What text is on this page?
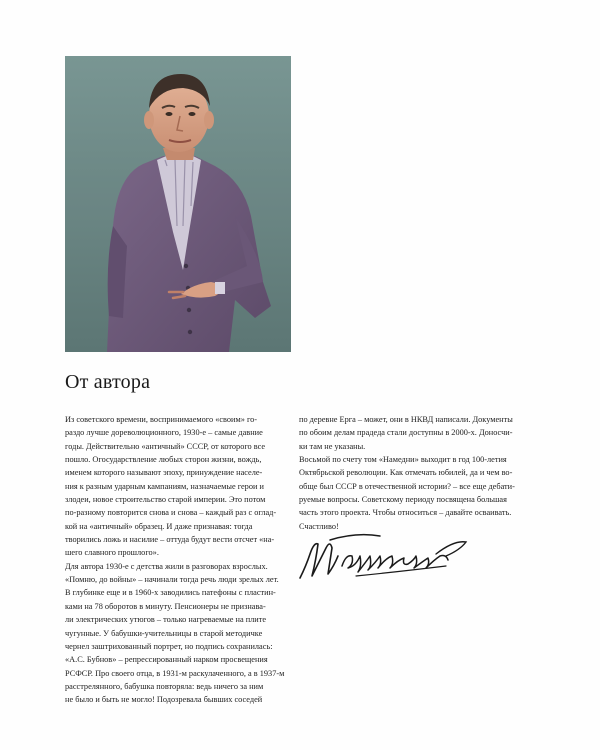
От автора
Из советского времени, воспринимаемого «своим» го-
раздо лучше дореволюционного, 1930-е – самые давние
годы. Действительно «античный» СССР, от которого все
пошло. Огосударствление любых сторон жизни, вождь,
именем которого называют эпоху, принуждение населе-
ния к разным ударным кампаниям, назначаемые герои и
злодеи, новое строительство старой империи. Это потом
по-разному повторится снова и снова – каждый раз с оглад-
кой на «античный» образец. И даже признавая: тогда
творились ложь и насилие – оттуда будут вести отсчет «на-
шего славного прошлого».
Для автора 1930-е с детства жили в разговорах взрослых.
«Помню, до войны» – начинали тогда речь люди зрелых лет.
В глубинке еще и в 1960-х заводились патефоны с пластин-
ками на 78 оборотов в минуту. Пенсионеры не признава-
ли электрических утюгов – только нагреваемые на плите
чугунные. У бабушки-учительницы в старой методичке
чернел заштрихованный портрет, но подпись сохранилась:
«А.С. Бубнов» – репрессированный нарком просвещения
РСФСР. Про своего отца, в 1931-м раскулаченного, а в 1937-м
расстрелянного, бабушка повторяла: ведь ничего за ним
не было и быть не могло! Подозревала бывших соседей
по деревне Ерга – может, они в НКВД написали. Документы
по обоим делам прадеда стали доступны в 2000-х. Доносчи-
ки там не указаны.
Восьмой по счету том «Намедни» выходит в год 100-летия
Октябрьской революции. Как отмечать юбилей, да и чем во-
обще был СССР в отечественной истории? – все еще дебати-
руемые вопросы. Советскому периоду посвящена большая
часть этого проекта. Чтобы относиться – давайте осваивать.
Счастливо!
